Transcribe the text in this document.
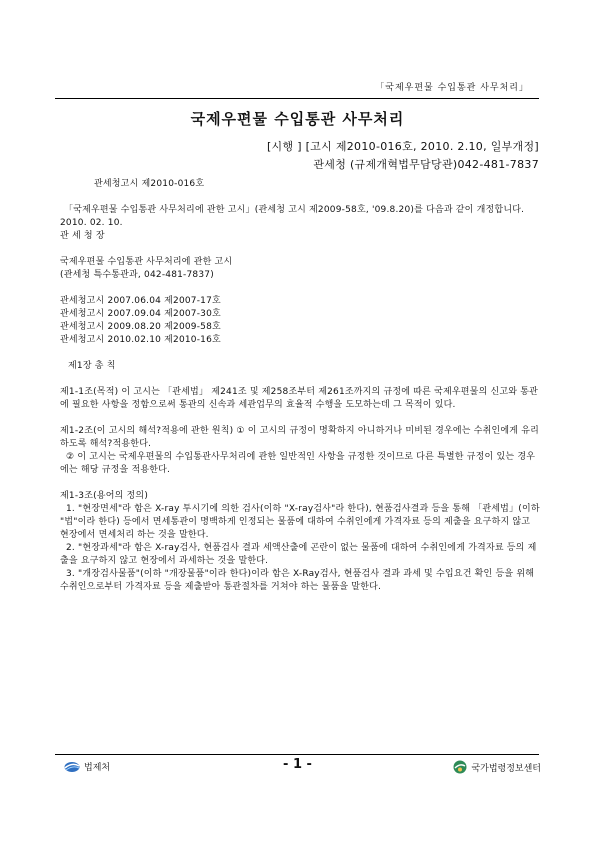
「국제우편물 수입통관 사무처리」
국제우편물 수입통관 사무처리
[시행 ] [고시 제2010-016호, 2010. 2.10, 일부개정]
관세청 (규제개혁법무담당관)042-481-7837

관세청고시 제2010-016호

「국제우편물 수입통관 사무처리에 관한 고시」(관세청 고시 제2009-58호, '09.8.20)를 다음과 같이 개정합니다.

2010. 02. 10.

관 세 청 장

국제우편물 수입통관 사무처리에 관한 고시

(관세청 특수통관과, 042-481-7837)

관세청고시 2007.06.04 제2007-17호

관세청고시 2007.09.04 제2007-30호

관세청고시 2009.08.20 제2009-58호

관세청고시 2010.02.10 제2010-16호

제1장 총 칙

제1-1조(목적) 이 고시는 「관세법」 제241조 및 제258조부터 제261조까지의 규정에 따른 국제우편물의 신고와 통관에 필요한 사항을 정함으로써 통관의 신속과 세관업무의 효율적 수행을 도모하는데 그 목적이 있다.

제1-2조(이 고시의 해석?적용에 관한 원칙) ① 이 고시의 규정이 명확하지 아니하거나 미비된 경우에는 수취인에게 유리하도록 해석?적용한다.

② 이 고시는 국제우편물의 수입통관사무처리에 관한 일반적인 사항을 규정한 것이므로 다른 특별한 규정이 있는 경우에는 해당 규정을 적용한다.

제1-3조(용어의 정의)

1. "현장면세"라 함은 X-ray 투시기에 의한 검사(이하 "X-ray검사"라 한다), 현품검사결과 등을 통해 「관세법」(이하 "법"이라 한다) 등에서 면세통관이 명백하게 인정되는 물품에 대하여 수취인에게 가격자료 등의 제출을 요구하지 않고 현장에서 면세처리 하는 것을 말한다.

2. "현장과세"라 함은 X-ray검사, 현품검사 결과 세액산출에 곤란이 없는 물품에 대하여 수취인에게 가격자료 등의 제출을 요구하지 않고 현장에서 과세하는 것을 말한다.

3. "개장검사물품"(이하 "개장물품"이라 한다)이라 함은 X-Ray검사, 현품검사 결과 과세 및 수입요건 확인 등을 위해 수취인으로부터 가격자료 등을 제출받아 통관절차를 거쳐야 하는 물품을 말한다.

법제처	- 1 -	국가법령정보센터
